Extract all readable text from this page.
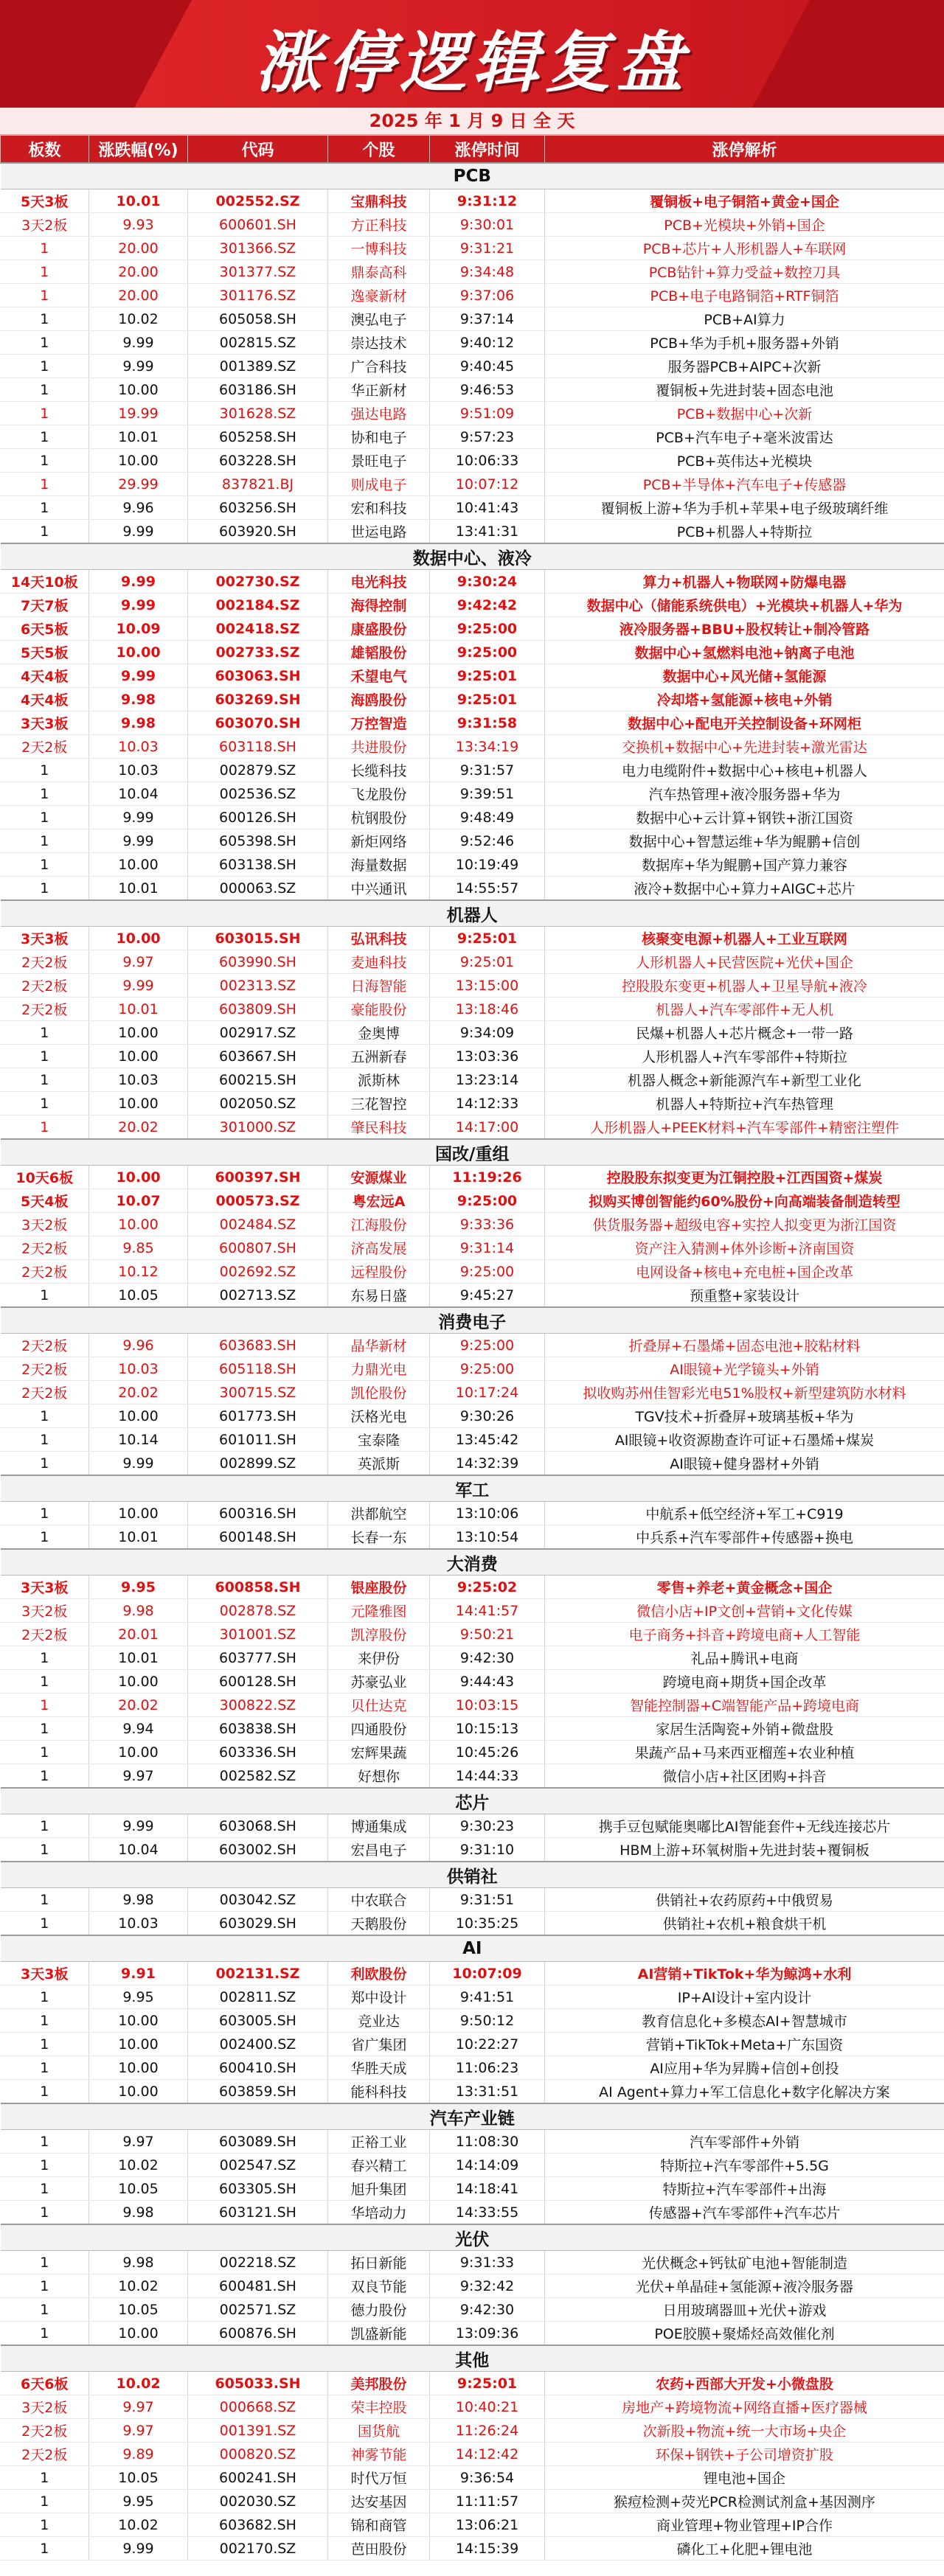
涨停逻辑复盘
2025 年 1 月 9 日 全 天
板数	涨跌幅(%)	代码	个股	涨停时间	涨停解析
PCB					
5天3板	10.01	002552.SZ	宝鼎科技	9:31:12	覆铜板+电子铜箔+黄金+国企
3天2板	9.93	600601.SH	方正科技	9:30:01	PCB+光模块+外销+国企
1	20.00	301366.SZ	一博科技	9:31:21	PCB+芯片+人形机器人+车联网
1	20.00	301377.SZ	鼎泰高科	9:34:48	PCB钻针+算力受益+数控刀具
1	20.00	301176.SZ	逸豪新材	9:37:06	PCB+电子电路铜箔+RTF铜箔
1	10.02	605058.SH	澳弘电子	9:37:14	PCB+AI算力
1	9.99	002815.SZ	崇达技术	9:40:12	PCB+华为手机+服务器+外销
1	9.99	001389.SZ	广合科技	9:40:45	服务器PCB+AIPC+次新
1	10.00	603186.SH	华正新材	9:46:53	覆铜板+先进封装+固态电池
1	19.99	301628.SZ	强达电路	9:51:09	PCB+数据中心+次新
1	10.01	605258.SH	协和电子	9:57:23	PCB+汽车电子+毫米波雷达
1	10.00	603228.SH	景旺电子	10:06:33	PCB+英伟达+光模块
1	29.99	837821.BJ	则成电子	10:07:12	PCB+半导体+汽车电子+传感器
1	9.96	603256.SH	宏和科技	10:41:43	覆铜板上游+华为手机+苹果+电子级玻璃纤维
1	9.99	603920.SH	世运电路	13:41:31	PCB+机器人+特斯拉
数据中心、液冷					
14天10板	9.99	002730.SZ	电光科技	9:30:24	算力+机器人+物联网+防爆电器
7天7板	9.99	002184.SZ	海得控制	9:42:42	数据中心（储能系统供电）+光模块+机器人+华为
6天5板	10.09	002418.SZ	康盛股份	9:25:00	液冷服务器+BBU+股权转让+制冷管路
5天5板	10.00	002733.SZ	雄韬股份	9:25:00	数据中心+氢燃料电池+钠离子电池
4天4板	9.99	603063.SH	禾望电气	9:25:01	数据中心+风光储+氢能源
4天4板	9.98	603269.SH	海鸥股份	9:25:01	冷却塔+氢能源+核电+外销
3天3板	9.98	603070.SH	万控智造	9:31:58	数据中心+配电开关控制设备+环网柜
2天2板	10.03	603118.SH	共进股份	13:34:19	交换机+数据中心+先进封装+激光雷达
1	10.03	002879.SZ	长缆科技	9:31:57	电力电缆附件+数据中心+核电+机器人
1	10.04	002536.SZ	飞龙股份	9:39:51	汽车热管理+液冷服务器+华为
1	9.99	600126.SH	杭钢股份	9:48:49	数据中心+云计算+钢铁+浙江国资
1	9.99	605398.SH	新炬网络	9:52:46	数据中心+智慧运维+华为鲲鹏+信创
1	10.00	603138.SH	海量数据	10:19:49	数据库+华为鲲鹏+国产算力兼容
1	10.01	000063.SZ	中兴通讯	14:55:57	液冷+数据中心+算力+AIGC+芯片
机器人					
3天3板	10.00	603015.SH	弘讯科技	9:25:01	核聚变电源+机器人+工业互联网
2天2板	9.97	603990.SH	麦迪科技	9:25:01	人形机器人+民营医院+光伏+国企
2天2板	9.99	002313.SZ	日海智能	13:15:00	控股股东变更+机器人+卫星导航+液冷
2天2板	10.01	603809.SH	豪能股份	13:18:46	机器人+汽车零部件+无人机
1	10.00	002917.SZ	金奥博	9:34:09	民爆+机器人+芯片概念+一带一路
1	10.00	603667.SH	五洲新春	13:03:36	人形机器人+汽车零部件+特斯拉
1	10.03	600215.SH	派斯林	13:23:14	机器人概念+新能源汽车+新型工业化
1	10.00	002050.SZ	三花智控	14:12:33	机器人+特斯拉+汽车热管理
1	20.02	301000.SZ	肇民科技	14:17:00	人形机器人+PEEK材料+汽车零部件+精密注塑件
国改/重组					
10天6板	10.00	600397.SH	安源煤业	11:19:26	控股股东拟变更为江铜控股+江西国资+煤炭
5天4板	10.07	000573.SZ	粤宏远A	9:25:00	拟购买博创智能约60%股份+向高端装备制造转型
3天2板	10.00	002484.SZ	江海股份	9:33:36	供货服务器+超级电容+实控人拟变更为浙江国资
2天2板	9.85	600807.SH	济高发展	9:31:14	资产注入猜测+体外诊断+济南国资
2天2板	10.12	002692.SZ	远程股份	9:25:00	电网设备+核电+充电桩+国企改革
1	10.05	002713.SZ	东易日盛	9:45:27	预重整+家装设计
消费电子					
2天2板	9.96	603683.SH	晶华新材	9:25:00	折叠屏+石墨烯+固态电池+胶粘材料
2天2板	10.03	605118.SH	力鼎光电	9:25:00	AI眼镜+光学镜头+外销
2天2板	20.02	300715.SZ	凯伦股份	10:17:24	拟收购苏州佳智彩光电51%股权+新型建筑防水材料
1	10.00	601773.SH	沃格光电	9:30:26	TGV技术+折叠屏+玻璃基板+华为
1	10.14	601011.SH	宝泰隆	13:45:42	AI眼镜+收资源勘查许可证+石墨烯+煤炭
1	9.99	002899.SZ	英派斯	14:32:39	AI眼镜+健身器材+外销
军工					
1	10.00	600316.SH	洪都航空	13:10:06	中航系+低空经济+军工+C919
1	10.01	600148.SH	长春一东	13:10:54	中兵系+汽车零部件+传感器+换电
大消费					
3天3板	9.95	600858.SH	银座股份	9:25:02	零售+养老+黄金概念+国企
3天2板	9.98	002878.SZ	元隆雅图	14:41:57	微信小店+IP文创+营销+文化传媒
2天2板	20.01	301001.SZ	凯淳股份	9:50:21	电子商务+抖音+跨境电商+人工智能
1	10.01	603777.SH	来伊份	9:42:30	礼品+腾讯+电商
1	10.00	600128.SH	苏豪弘业	9:44:43	跨境电商+期货+国企改革
1	20.02	300822.SZ	贝仕达克	10:03:15	智能控制器+C端智能产品+跨境电商
1	9.94	603838.SH	四通股份	10:15:13	家居生活陶瓷+外销+微盘股
1	10.00	603336.SH	宏辉果蔬	10:45:26	果蔬产品+马来西亚榴莲+农业种植
1	9.97	002582.SZ	好想你	14:44:33	微信小店+社区团购+抖音
芯片					
1	9.99	603068.SH	博通集成	9:30:23	携手豆包赋能奥嘟比AI智能套件+无线连接芯片
1	10.04	603002.SH	宏昌电子	9:31:10	HBM上游+环氧树脂+先进封装+覆铜板
供销社					
1	9.98	003042.SZ	中农联合	9:31:51	供销社+农药原药+中俄贸易
1	10.03	603029.SH	天鹅股份	10:35:25	供销社+农机+粮食烘干机
AI					
3天3板	9.91	002131.SZ	利欧股份	10:07:09	AI营销+TikTok+华为鲸鸿+水利
1	9.95	002811.SZ	郑中设计	9:41:51	IP+AI设计+室内设计
1	10.00	603005.SH	竞业达	9:50:12	教育信息化+多模态AI+智慧城市
1	10.00	002400.SZ	省广集团	10:22:27	营销+TikTok+Meta+广东国资
1	10.00	600410.SH	华胜天成	11:06:23	AI应用+华为昇腾+信创+创投
1	10.00	603859.SH	能科科技	13:31:51	AI Agent+算力+军工信息化+数字化解决方案
汽车产业链					
1	9.97	603089.SH	正裕工业	11:08:30	汽车零部件+外销
1	10.02	002547.SZ	春兴精工	14:14:09	特斯拉+汽车零部件+5.5G
1	10.05	603305.SH	旭升集团	14:18:41	特斯拉+汽车零部件+出海
1	9.98	603121.SH	华培动力	14:33:55	传感器+汽车零部件+汽车芯片
光伏					
1	9.98	002218.SZ	拓日新能	9:31:33	光伏概念+钙钛矿电池+智能制造
1	10.02	600481.SH	双良节能	9:32:42	光伏+单晶硅+氢能源+液冷服务器
1	10.05	002571.SZ	德力股份	9:42:30	日用玻璃器皿+光伏+游戏
1	10.00	600876.SH	凯盛新能	13:09:36	POE胶膜+聚烯烃高效催化剂
其他					
6天6板	10.02	605033.SH	美邦股份	9:25:01	农药+西部大开发+小微盘股
3天2板	9.97	000668.SZ	荣丰控股	10:40:21	房地产+跨境物流+网络直播+医疗器械
2天2板	9.97	001391.SZ	国货航	11:26:24	次新股+物流+统一大市场+央企
2天2板	9.89	000820.SZ	神雾节能	14:12:42	环保+钢铁+子公司增资扩股
1	10.05	600241.SH	时代万恒	9:36:54	锂电池+国企
1	9.95	002030.SZ	达安基因	11:11:57	猴痘检测+荧光PCR检测试剂盒+基因测序
1	10.02	603682.SH	锦和商管	13:06:21	商业管理+物业管理+IP合作
1	9.99	002170.SZ	芭田股份	14:15:39	磷化工+化肥+锂电池
